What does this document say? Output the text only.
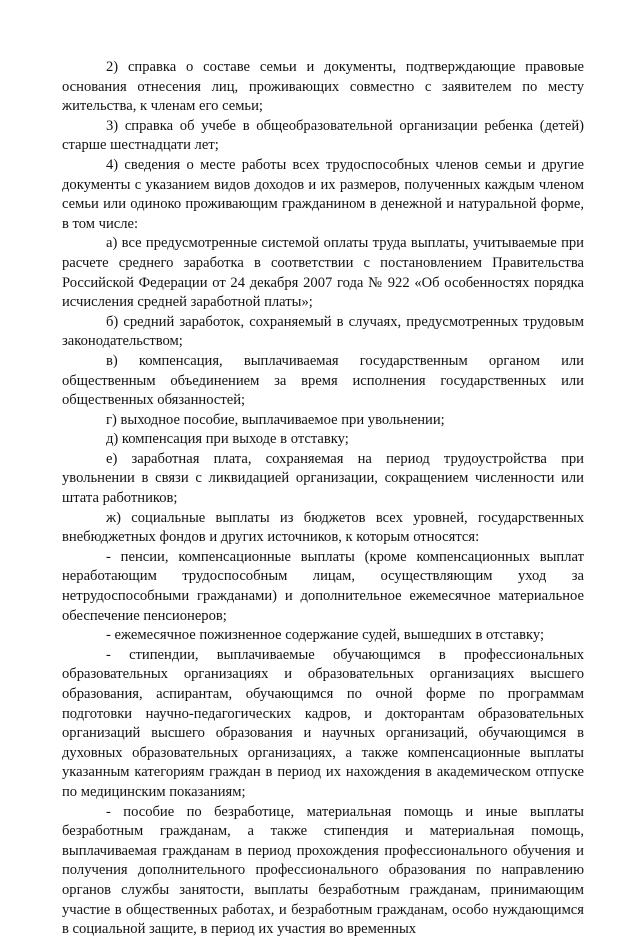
2) справка о составе семьи и документы, подтверждающие правовые основания отнесения лиц, проживающих совместно с заявителем по месту жительства, к членам его семьи;

3) справка об учебе в общеобразовательной организации ребенка (детей) старше шестнадцати лет;

4) сведения о месте работы всех трудоспособных членов семьи и другие документы с указанием видов доходов и их размеров, полученных каждым членом семьи или одиноко проживающим гражданином в денежной и натуральной форме, в том числе:

а) все предусмотренные системой оплаты труда выплаты, учитываемые при расчете среднего заработка в соответствии с постановлением Правительства Российской Федерации от 24 декабря 2007 года № 922 «Об особенностях порядка исчисления средней заработной платы»;

б) средний заработок, сохраняемый в случаях, предусмотренных трудовым законодательством;

в) компенсация, выплачиваемая государственным органом или общественным объединением за время исполнения государственных или общественных обязанностей;

г) выходное пособие, выплачиваемое при увольнении;

д) компенсация при выходе в отставку;

е) заработная плата, сохраняемая на период трудоустройства при увольнении в связи с ликвидацией организации, сокращением численности или штата работников;

ж) социальные выплаты из бюджетов всех уровней, государственных внебюджетных фондов и других источников, к которым относятся:

- пенсии, компенсационные выплаты (кроме компенсационных выплат неработающим трудоспособным лицам, осуществляющим уход за нетрудоспособными гражданами) и дополнительное ежемесячное материальное обеспечение пенсионеров;

- ежемесячное пожизненное содержание судей, вышедших в отставку;

- стипендии, выплачиваемые обучающимся в профессиональных образовательных организациях и образовательных организациях высшего образования, аспирантам, обучающимся по очной форме по программам подготовки научно-педагогических кадров, и докторантам образовательных организаций высшего образования и научных организаций, обучающимся в духовных образовательных организациях, а также компенсационные выплаты указанным категориям граждан в период их нахождения в академическом отпуске по медицинским показаниям;

- пособие по безработице, материальная помощь и иные выплаты безработным гражданам, а также стипендия и материальная помощь, выплачиваемая гражданам в период прохождения профессионального обучения и получения дополнительного профессионального образования по направлению органов службы занятости, выплаты безработным гражданам, принимающим участие в общественных работах, и безработным гражданам, особо нуждающимся в социальной защите, в период их участия во временных
